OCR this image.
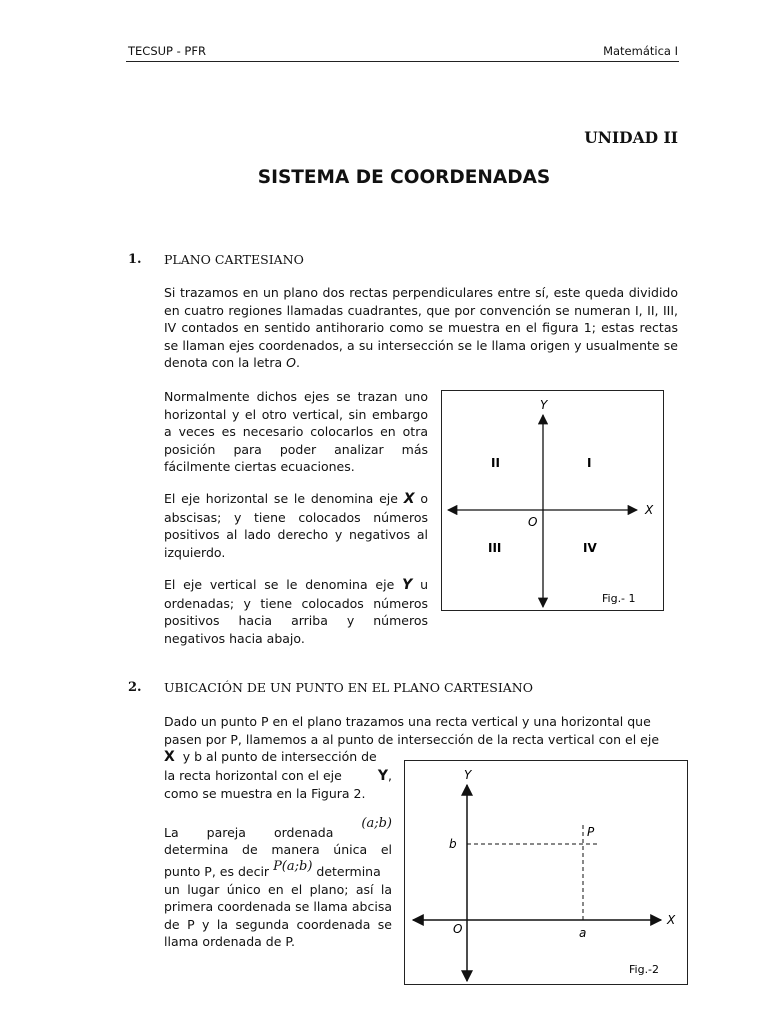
TECSUP - PFR	Matemática I
UNIDAD II
SISTEMA DE COORDENADAS
1. PLANO CARTESIANO

Si trazamos en un plano dos rectas perpendiculares entre sí, este queda dividido en cuatro regiones llamadas cuadrantes, que por convención se numeran I, II, III, IV contados en sentido antihorario como se muestra en el figura 1; estas rectas se llaman ejes coordenados, a su intersección se le llama origen y usualmente se denota con la letra O.

Normalmente dichos ejes se trazan uno horizontal y el otro vertical, sin embargo a veces es necesario colocarlos en otra posición para poder analizar más fácilmente ciertas ecuaciones.

El eje horizontal se le denomina eje X o abscisas; y tiene colocados números positivos al lado derecho y negativos al izquierdo.

El eje vertical se le denomina eje Y u ordenadas; y tiene colocados números positivos hacia arriba y números negativos hacia abajo.

Y
X
O
II	I
III	IV
Fig.- 1
2. UBICACIÓN DE UN PUNTO EN EL PLANO CARTESIANO
Dado un punto P en el plano trazamos una recta vertical y una horizontal que
pasen por P, llamemos a al punto de intersección de la recta vertical con el eje
X y b al punto de intersección de
la recta horizontal con el eje	Y,
como se muestra en la Figura 2.
La pareja ordenada
(a;b)
determina de manera única el
punto P, es decir
P(a;b)
determina
un lugar único en el plano; así la primera coordenada se llama abcisa de P y la segunda coordenada se llama ordenada de P.
Y
X
O
P
b
a
Fig.-2
